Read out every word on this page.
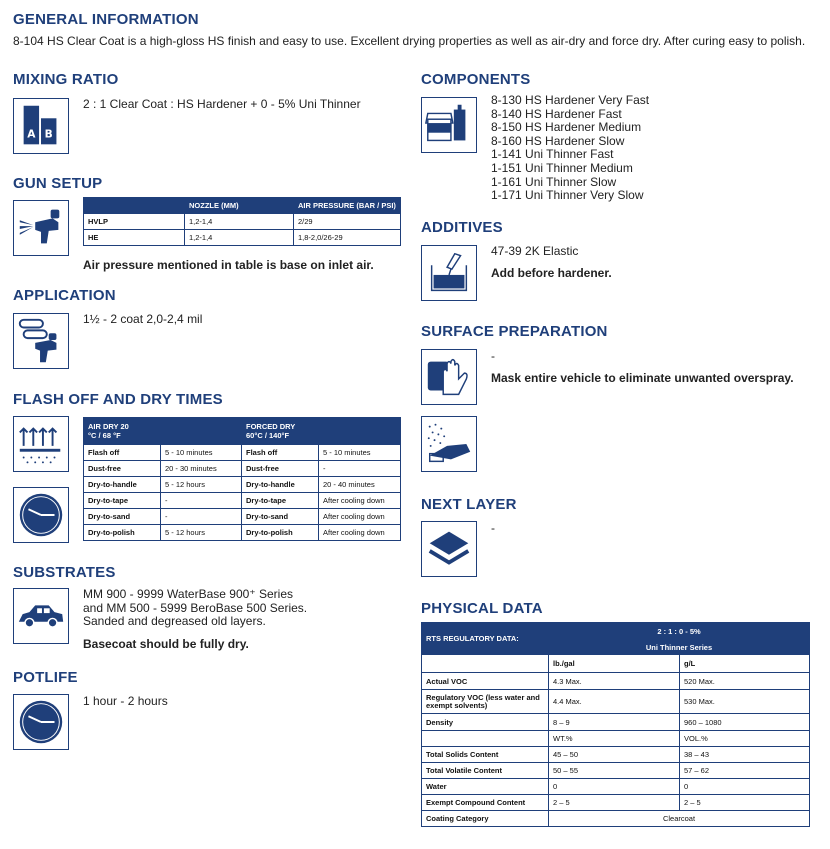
GENERAL INFORMATION
8-104 HS Clear Coat is a high-gloss HS finish and easy to use. Excellent drying properties as well as air-dry and force dry. After curing easy to polish.
MIXING RATIO
A B
2 : 1 Clear Coat : HS Hardener + 0 - 5% Uni Thinner
GUN SETUP
	NOZZLE (MM)	AIR PRESSURE (BAR / PSI)
HVLP	1,2-1,4	2/29
HE	1,2-1,4	1,8-2,0/26-29
Air pressure mentioned in table is base on inlet air.
APPLICATION
1½ - 2 coat 2,0-2,4 mil
FLASH OFF AND DRY TIMES
AIR DRY 20
°C / 68 °F		FORCED DRY
60°C / 140°F	
Flash off	5 - 10 minutes	Flash off	5 - 10 minutes
Dust-free	20 - 30 minutes	Dust-free	-
Dry-to-handle	5 - 12 hours	Dry-to-handle	20 - 40 minutes
Dry-to-tape	-	Dry-to-tape	After cooling down
Dry-to-sand	-	Dry-to-sand	After cooling down
Dry-to-polish	5 - 12 hours	Dry-to-polish	After cooling down
SUBSTRATES
MM 900 - 9999 WaterBase 900⁺ Series
and MM 500 - 5999 BeroBase 500 Series.
Sanded and degreased old layers.
Basecoat should be fully dry.
POTLIFE
1 hour - 2 hours
COMPONENTS
8-130 HS Hardener Very Fast
8-140 HS Hardener Fast
8-150 HS Hardener Medium
8-160 HS Hardener Slow
1-141 Uni Thinner Fast
1-151 Uni Thinner Medium
1-161 Uni Thinner Slow
1-171 Uni Thinner Very Slow
ADDITIVES
47-39 2K Elastic
Add before hardener.
SURFACE PREPARATION
-
Mask entire vehicle to eliminate unwanted overspray.
NEXT LAYER
-
PHYSICAL DATA
RTS REGULATORY DATA:	2 : 1 : 0 - 5%	
	Uni Thinner Series	
	lb./gal	g/L
Actual VOC	4.3 Max.	520 Max.
Regulatory VOC (less water and exempt solvents)	4.4 Max.	530 Max.
Density	8 – 9	960 – 1080
	WT.%	VOL.%
Total Solids Content	45 – 50	38 – 43
Total Volatile Content	50 – 55	57 – 62
Water	0	0
Exempt Compound Content	2 – 5	2 – 5
Coating Category	Clearcoat	
